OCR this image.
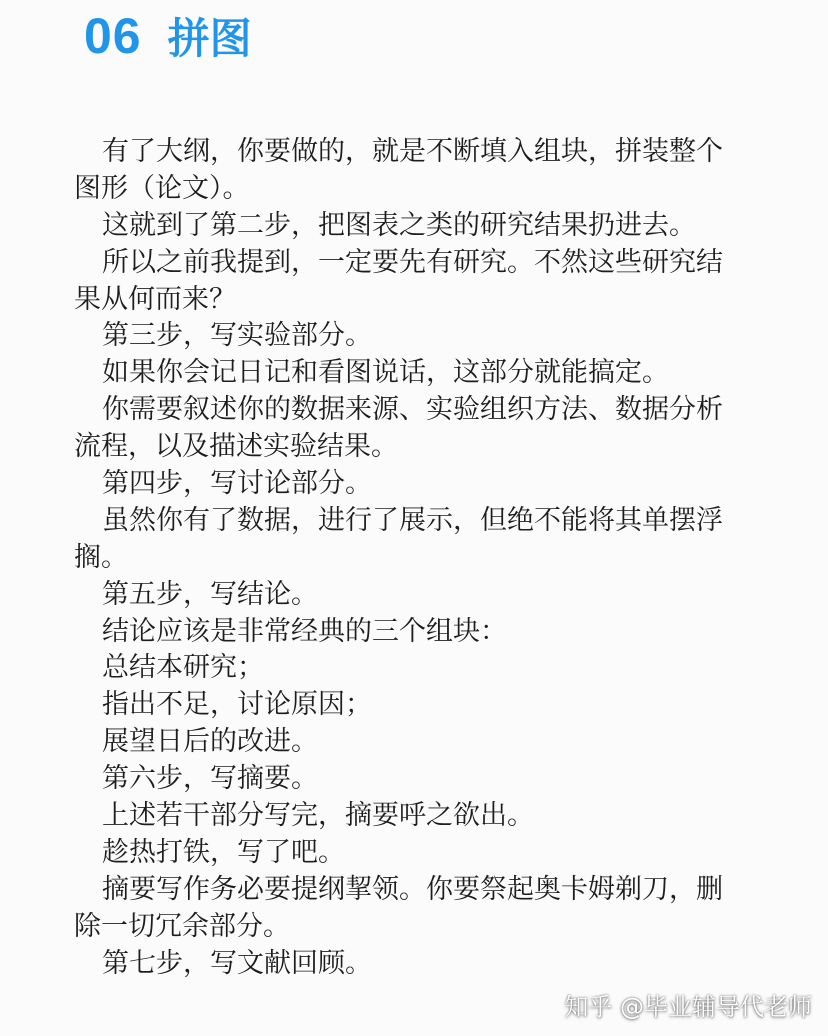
06 拼图
有了大纲，你要做的，就是不断填入组块，拼装整个
图形（论文）。
这就到了第二步，把图表之类的研究结果扔进去。
所以之前我提到，一定要先有研究。不然这些研究结
果从何而来？
第三步，写实验部分。
如果你会记日记和看图说话，这部分就能搞定。
你需要叙述你的数据来源、实验组织方法、数据分析
流程，以及描述实验结果。
第四步，写讨论部分。
虽然你有了数据，进行了展示，但绝不能将其单摆浮
搁。
第五步，写结论。
结论应该是非常经典的三个组块：
总结本研究；
指出不足，讨论原因；
展望日后的改进。
第六步，写摘要。
上述若干部分写完，摘要呼之欲出。
趁热打铁，写了吧。
摘要写作务必要提纲挈领。你要祭起奥卡姆剃刀，删
除一切冗余部分。
第七步，写文献回顾。
知乎 @毕业辅导代老师
